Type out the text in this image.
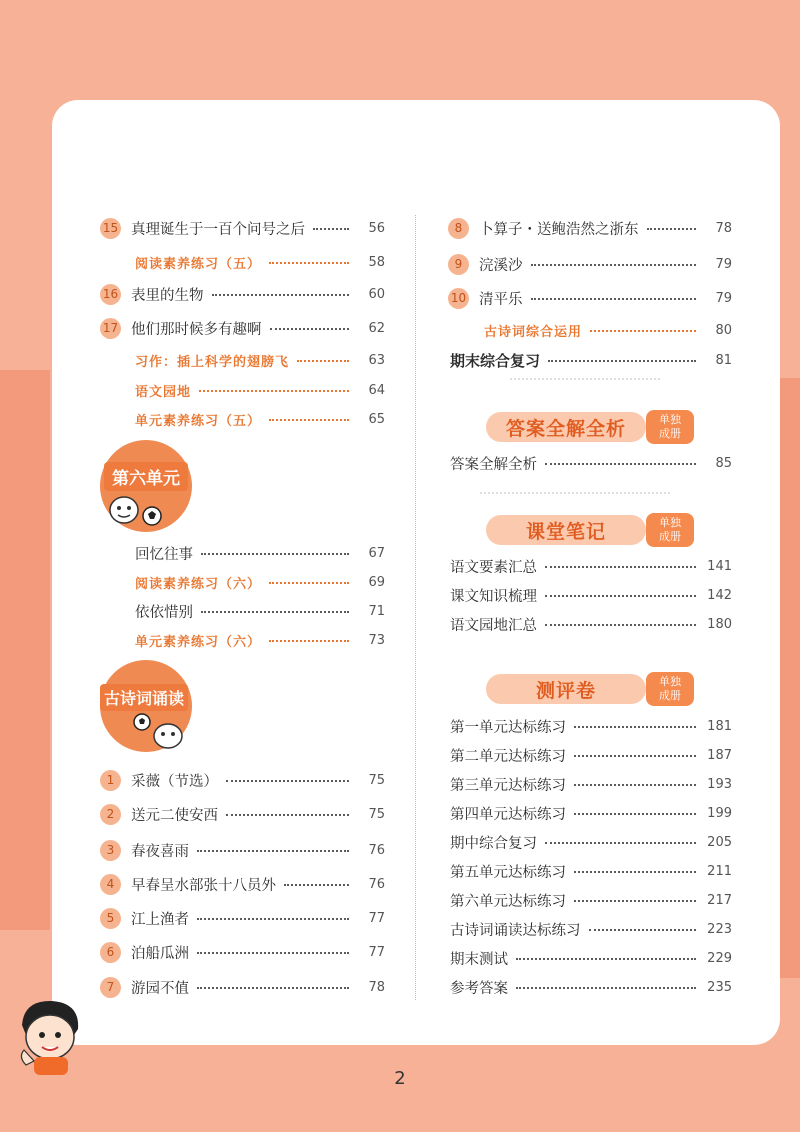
15 真理诞生于一百个问号之后	56
阅读素养练习（五）	58
16 表里的生物	60
17 他们那时候多有趣啊	62
习作：插上科学的翅膀飞	63
语文园地	64
单元素养练习（五）	65
第六单元
回忆往事	67
阅读素养练习（六）	69
依依惜别	71
单元素养练习（六）	73
古诗词诵读
1	采薇（节选）	75
2	送元二使安西	75
3	春夜喜雨	76
4	早春呈水部张十八员外	76
5	江上渔者	77
6	泊船瓜洲	77
7	游园不值	78
8	卜算子・送鲍浩然之浙东	78
9	浣溪沙	79
10 清平乐	79
古诗词综合运用	80
期末综合复习	81
答案全解全析	单独
成册
答案全解全析	85
课堂笔记	单独
成册
语文要素汇总	141
课文知识梳理	142
语文园地汇总	180
测评卷	单独
成册
第一单元达标练习	181
第二单元达标练习	187
第三单元达标练习	193
第四单元达标练习	199
期中综合复习	205
第五单元达标练习	211
第六单元达标练习	217
古诗词诵读达标练习	223
期末测试	229
参考答案	235
2
